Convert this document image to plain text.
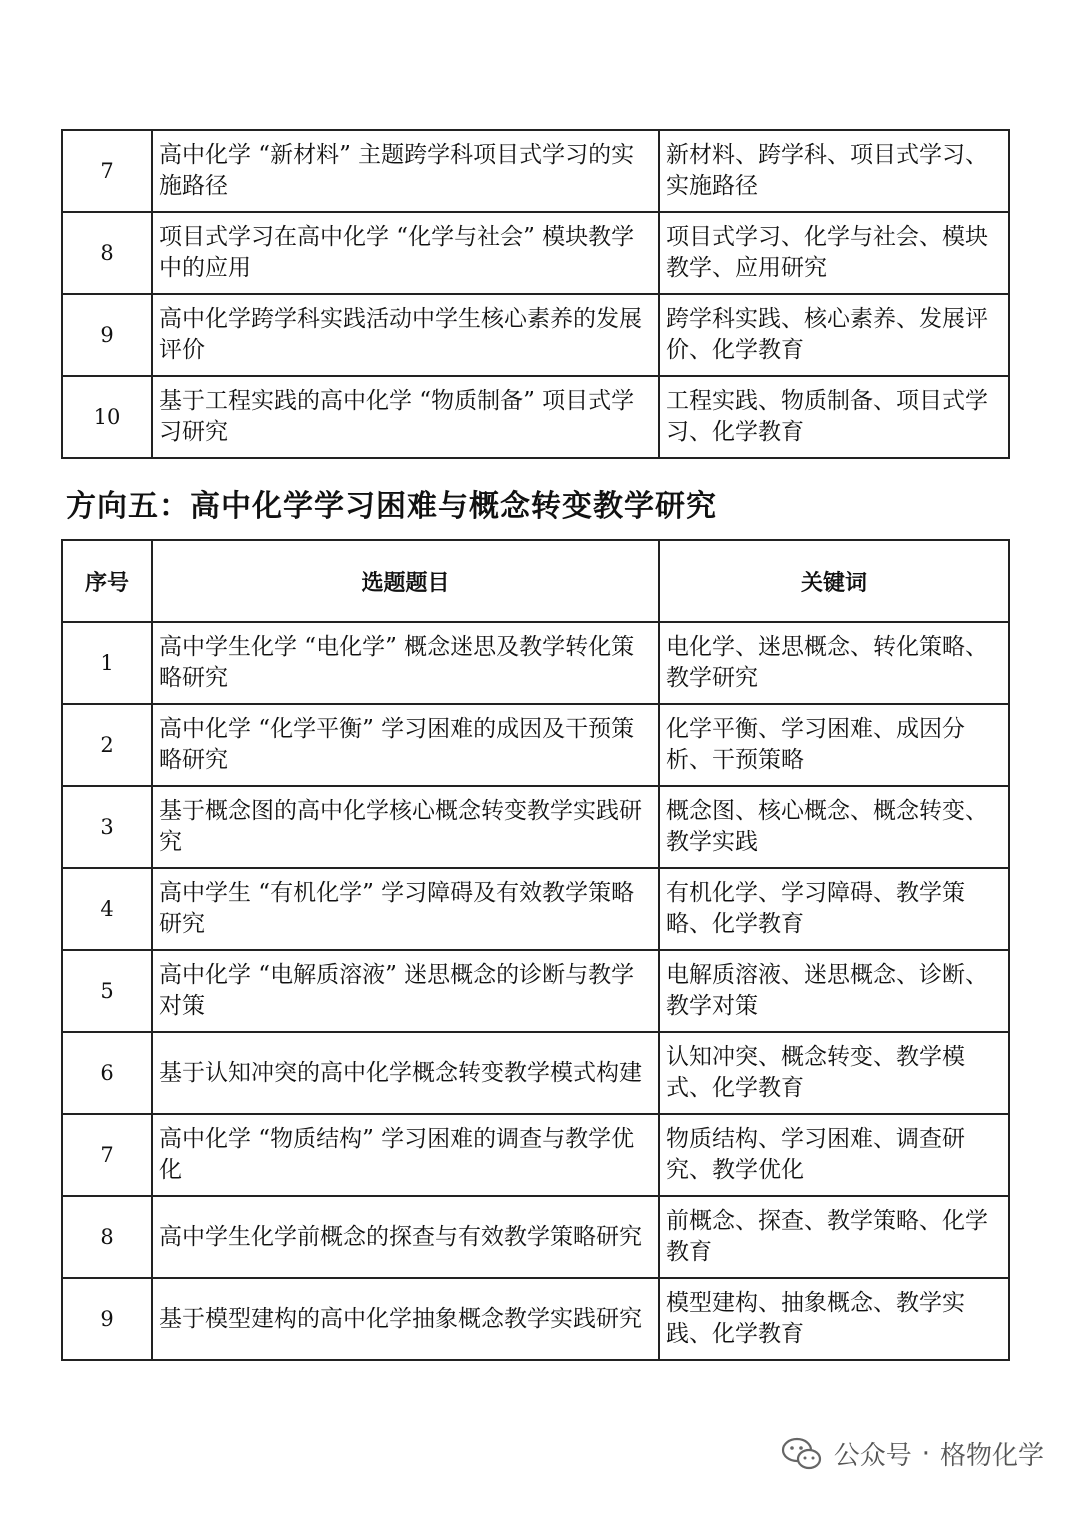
7	高中化学 “新材料” 主题跨学科项目式学习的实施路径	新材料、跨学科、项目式学习、实施路径
8	项目式学习在高中化学 “化学与社会” 模块教学中的应用	项目式学习、化学与社会、模块教学、应用研究
9	高中化学跨学科实践活动中学生核心素养的发展评价	跨学科实践、核心素养、发展评价、化学教育
10	基于工程实践的高中化学 “物质制备” 项目式学习研究	工程实践、物质制备、项目式学习、化学教育
方向五：高中化学学习困难与概念转变教学研究
序号	选题题目	关键词
1	高中学生化学 “电化学” 概念迷思及教学转化策略研究	电化学、迷思概念、转化策略、教学研究
2	高中化学 “化学平衡” 学习困难的成因及干预策略研究	化学平衡、学习困难、成因分析、干预策略
3	基于概念图的高中化学核心概念转变教学实践研究	概念图、核心概念、概念转变、教学实践
4	高中学生 “有机化学” 学习障碍及有效教学策略研究	有机化学、学习障碍、教学策略、化学教育
5	高中化学 “电解质溶液” 迷思概念的诊断与教学对策	电解质溶液、迷思概念、诊断、教学对策
6	基于认知冲突的高中化学概念转变教学模式构建	认知冲突、概念转变、教学模式、化学教育
7	高中化学 “物质结构” 学习困难的调查与教学优化	物质结构、学习困难、调查研究、教学优化
8	高中学生化学前概念的探查与有效教学策略研究	前概念、探查、教学策略、化学教育
9	基于模型建构的高中化学抽象概念教学实践研究	模型建构、抽象概念、教学实践、化学教育
公众号 · 格物化学
